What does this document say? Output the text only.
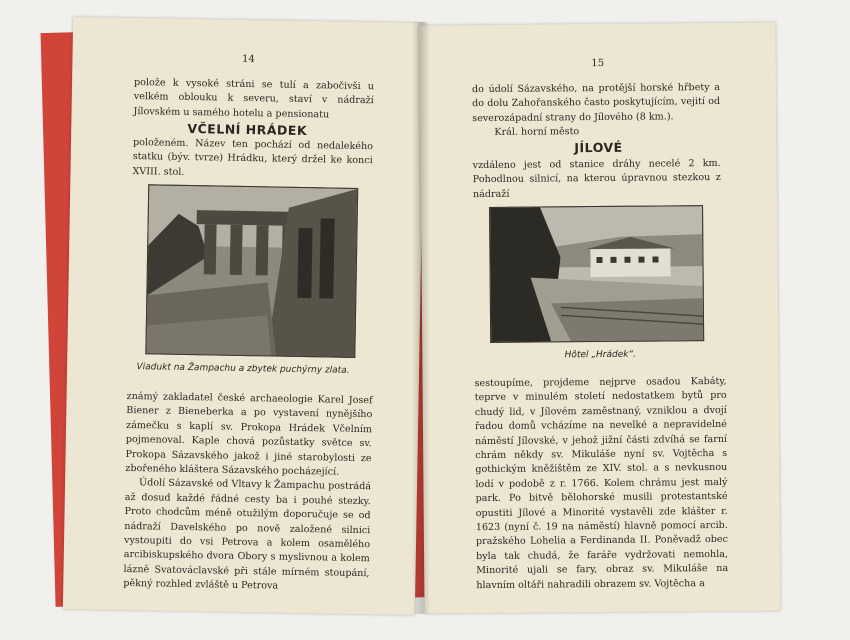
14
polože k vysoké stráni se tulí a zabočivši u velkém oblouku k severu, staví v nádraží Jílovském u samého hotelu a pensionatu
VČELNÍ HRÁDEK
položeném. Název ten pochází od nedalekého statku (býv. tvrze) Hrádku, který držel ke konci XVIII. stol.
Viadukt na Žampachu a zbytek puchýrny zlata.

známý zakladatel české archaeologie Karel Josef Biener z Bieneberka a po vystavení nynějšího zámečku s kaplí sv. Prokopa Hrádek Včelním pojmenoval. Kaple chová pozůstatky světce sv. Prokopa Sázavského jakož i jiné starobylosti ze zbořeného kláštera Sázavského pocházející.

Údolí Sázavské od Vltavy k Žampachu postrádá až dosud každé řádné cesty ba i pouhé stezky. Proto chodcům méně otužilým doporučuje se od nádraží Davelského po nově založené silnici vystoupiti do vsi Petrova a kolem osamělého arcibiskupského dvora Obory s myslivnou a kolem lázně Svatováclavské při stále mírném stoupání, pěkný rozhled zvláště u Petrova

15
do údolí Sázavského, na protější horské hřbety a do dolu Zahořanského často poskytujícím, vejití od severozápadní strany do Jílového (8 km.).
Král. horní město
JÍLOVÉ
vzdáleno jest od stanice dráhy necelé 2 km. Pohodlnou silnicí, na kterou úpravnou stezkou z nádraží
Hôtel „Hrádek“.

sestoupíme, projdeme nejprve osadou Kabáty, teprve v minulém století nedostatkem bytů pro chudý lid, v Jílovém zaměstnaný, vzniklou a dvojí řadou domů vcházíme na nevelké a nepravidelné náměstí Jílovské, v jehož jižní části zdvíhá se farní chrám někdy sv. Mikuláše nyní sv. Vojtěcha s gothickým kněžištěm ze XIV. stol. a s nevkusnou lodí v podobě z r. 1766. Kolem chrámu jest malý park. Po bitvě bělohorské musili protestantské opustiti Jílové a Minorité vystavěli zde klášter r. 1623 (nyní č. 19 na náměstí) hlavně pomocí arcib. pražského Lohelia a Ferdinanda II. Poněvadž obec byla tak chudá, že faráře vydržovati nemohla, Minorité ujali se fary, obraz sv. Mikuláše na hlavním oltáři nahradili obrazem sv. Vojtěcha a
